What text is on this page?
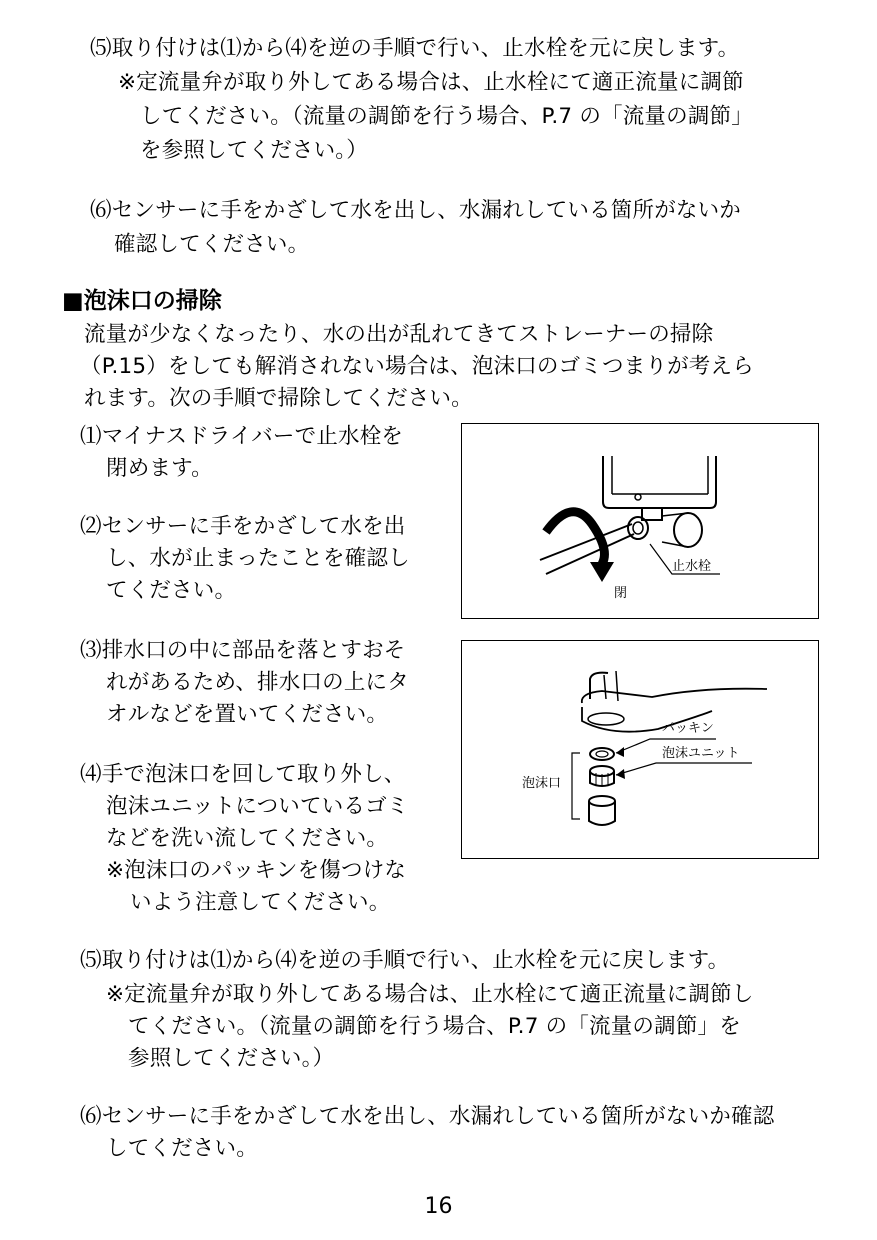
⑸取り付けは⑴から⑷を逆の手順で行い、止水栓を元に戻します。
※定流量弁が取り外してある場合は、止水栓にて適正流量に調節
してください。（流量の調節を行う場合、P.7 の「流量の調節」
を参照してください。）
⑹センサーに手をかざして水を出し、水漏れしている箇所がないか
確認してください。
■泡沫口の掃除
流量が少なくなったり、水の出が乱れてきてストレーナーの掃除
（P.15）をしても解消されない場合は、泡沫口のゴミつまりが考えら
れます。次の手順で掃除してください。
⑴マイナスドライバーで止水栓を
閉めます。
⑵センサーに手をかざして水を出
し、水が止まったことを確認し
てください。
⑶排水口の中に部品を落とすおそ
れがあるため、排水口の上にタ
オルなどを置いてください。
⑷手で泡沫口を回して取り外し、
泡沫ユニットについているゴミ
などを洗い流してください。
※泡沫口のパッキンを傷つけな
いよう注意してください。
⑸取り付けは⑴から⑷を逆の手順で行い、止水栓を元に戻します。
※定流量弁が取り外してある場合は、止水栓にて適正流量に調節し
てください。（流量の調節を行う場合、P.7 の「流量の調節」を
参照してください。）
⑹センサーに手をかざして水を出し、水漏れしている箇所がないか確認
してください。
止水栓
閉
パッキン
泡沫ユニット
泡沫口
16
